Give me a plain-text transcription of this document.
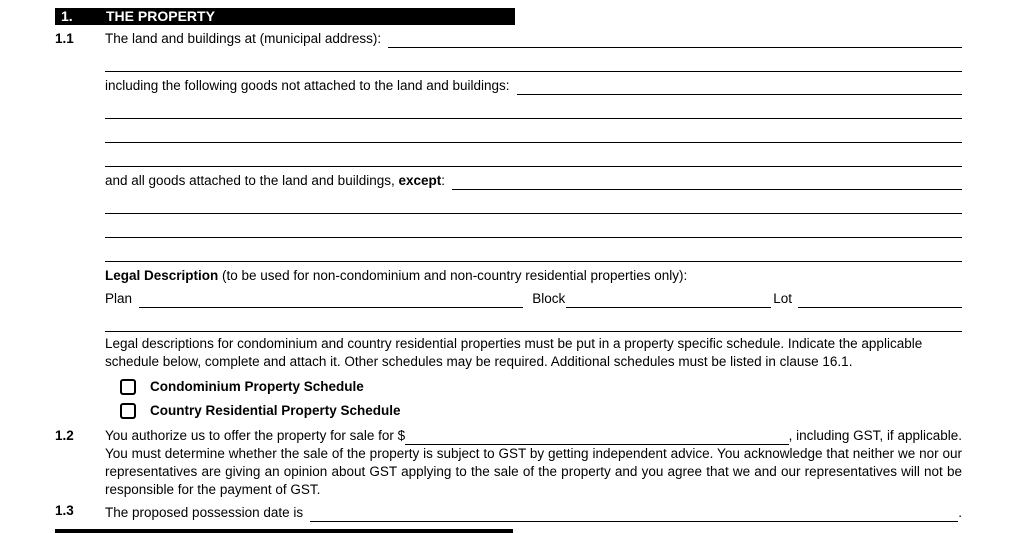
1.	THE PROPERTY
1.1	The land and buildings at (municipal address):
including the following goods not attached to the land and buildings:
and all goods attached to the land and buildings, except:
Legal Description (to be used for non-condominium and non-country residential properties only):
Plan	Block	Lot
Legal descriptions for condominium and country residential properties must be put in a property specific schedule. Indicate the applicable schedule below, complete and attach it. Other schedules may be required. Additional schedules must be listed in clause 16.1.
Condominium Property Schedule
Country Residential Property Schedule
1.2	You authorize us to offer the property for sale for $	, including GST, if applicable.
You must determine whether the sale of the property is subject to GST by getting independent advice. You acknowledge that neither we nor our representatives are giving an opinion about GST applying to the sale of the property and you agree that we and our representatives will not be responsible for the payment of GST.
1.3	The proposed possession date is	.
